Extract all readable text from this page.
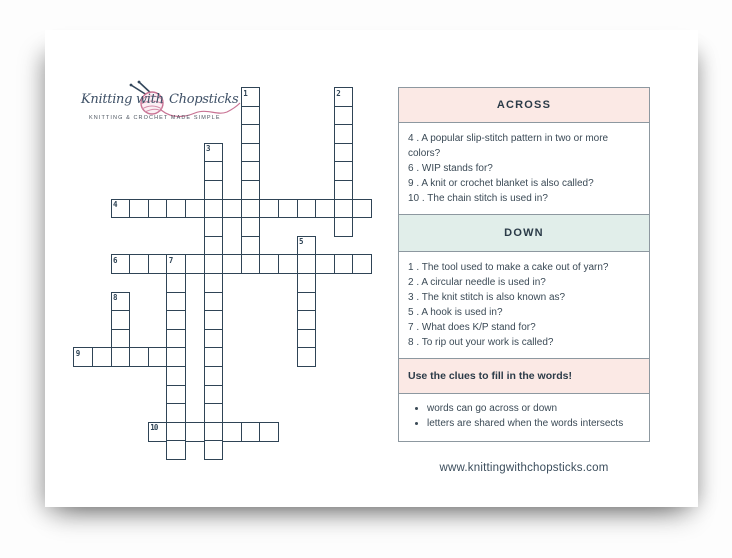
Knitting with Chopsticks
KNITTING & CROCHET MADE SIMPLE
1	2
3
4
5
6	7
8
9
10
ACROSS
4 . A popular slip-stitch pattern in two or more colors?
6 . WIP stands for?
9 . A knit or crochet blanket is also called?
10 . The chain stitch is used in?
DOWN
1 . The tool used to make a cake out of yarn?
2 . A circular needle is used in?
3 . The knit stitch is also known as?
5 . A hook is used in?
7 . What does K/P stand for?
8 . To rip out your work is called?
Use the clues to fill in the words!
• words can go across or down
• letters are shared when the words intersects
www.knittingwithchopsticks.com
